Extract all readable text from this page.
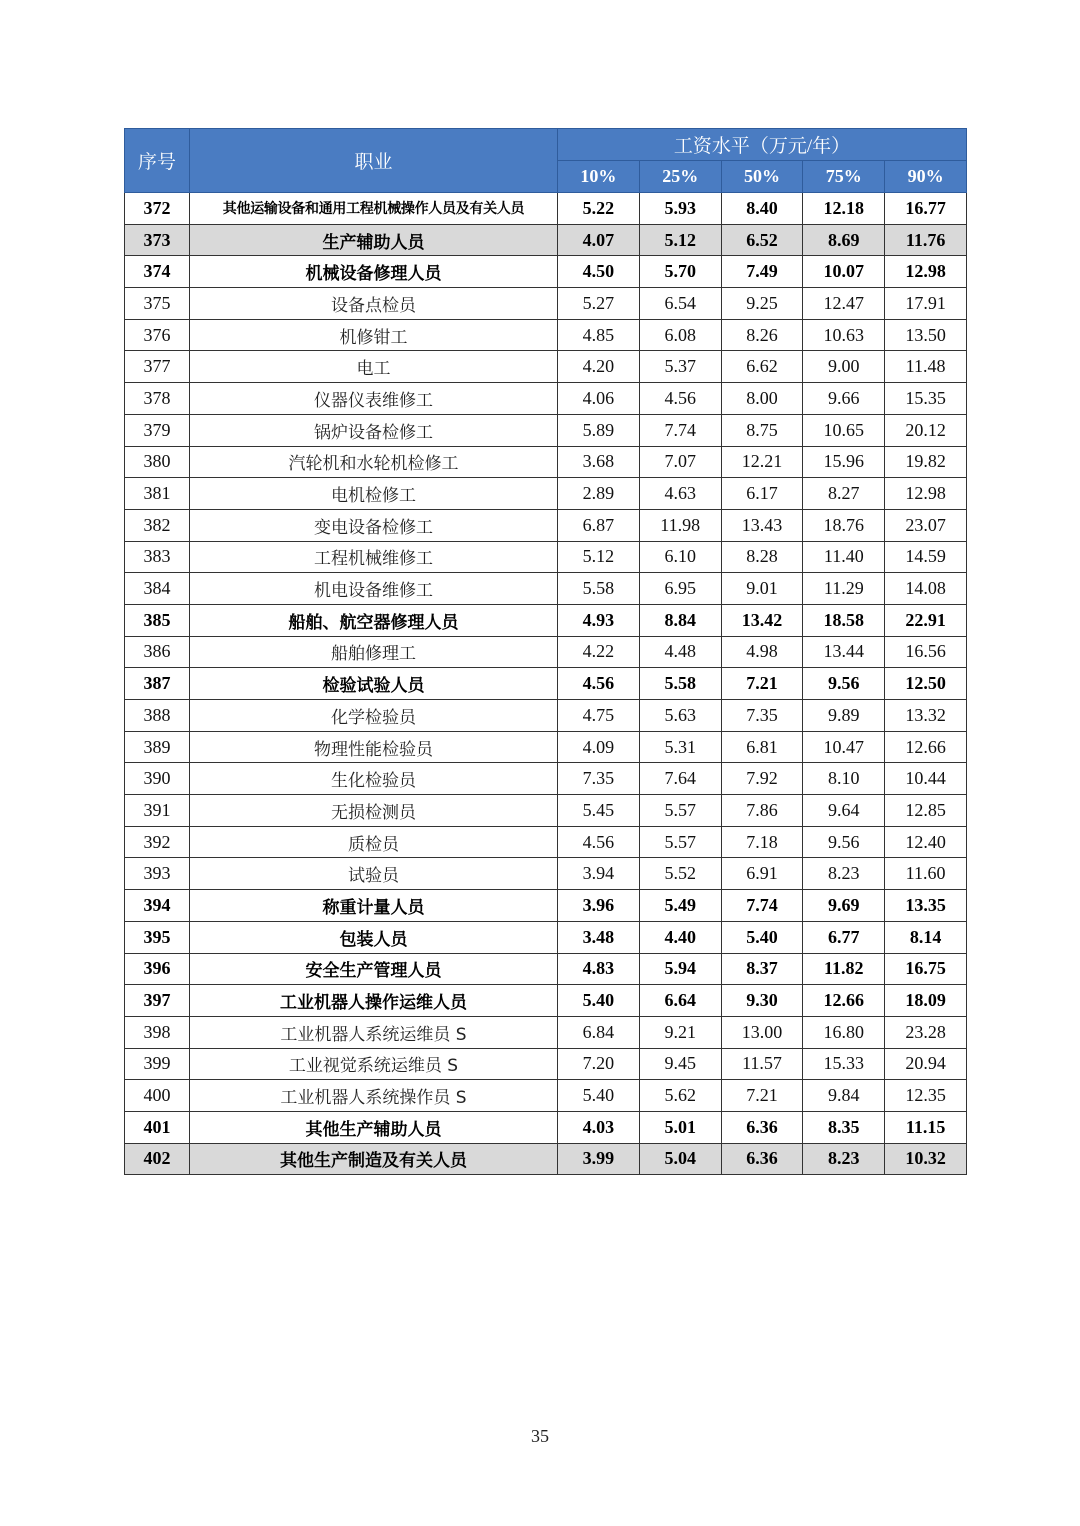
序号	职业	工资水平（万元/年）				
		10%	25%	50%	75%	90%
372	其他运输设备和通用工程机械操作人员及有关人员	5.22	5.93	8.40	12.18	16.77
373	生产辅助人员	4.07	5.12	6.52	8.69	11.76
374	机械设备修理人员	4.50	5.70	7.49	10.07	12.98
375	设备点检员	5.27	6.54	9.25	12.47	17.91
376	机修钳工	4.85	6.08	8.26	10.63	13.50
377	电工	4.20	5.37	6.62	9.00	11.48
378	仪器仪表维修工	4.06	4.56	8.00	9.66	15.35
379	锅炉设备检修工	5.89	7.74	8.75	10.65	20.12
380	汽轮机和水轮机检修工	3.68	7.07	12.21	15.96	19.82
381	电机检修工	2.89	4.63	6.17	8.27	12.98
382	变电设备检修工	6.87	11.98	13.43	18.76	23.07
383	工程机械维修工	5.12	6.10	8.28	11.40	14.59
384	机电设备维修工	5.58	6.95	9.01	11.29	14.08
385	船舶、航空器修理人员	4.93	8.84	13.42	18.58	22.91
386	船舶修理工	4.22	4.48	4.98	13.44	16.56
387	检验试验人员	4.56	5.58	7.21	9.56	12.50
388	化学检验员	4.75	5.63	7.35	9.89	13.32
389	物理性能检验员	4.09	5.31	6.81	10.47	12.66
390	生化检验员	7.35	7.64	7.92	8.10	10.44
391	无损检测员	5.45	5.57	7.86	9.64	12.85
392	质检员	4.56	5.57	7.18	9.56	12.40
393	试验员	3.94	5.52	6.91	8.23	11.60
394	称重计量人员	3.96	5.49	7.74	9.69	13.35
395	包装人员	3.48	4.40	5.40	6.77	8.14
396	安全生产管理人员	4.83	5.94	8.37	11.82	16.75
397	工业机器人操作运维人员	5.40	6.64	9.30	12.66	18.09
398	工业机器人系统运维员 S	6.84	9.21	13.00	16.80	23.28
399	工业视觉系统运维员 S	7.20	9.45	11.57	15.33	20.94
400	工业机器人系统操作员 S	5.40	5.62	7.21	9.84	12.35
401	其他生产辅助人员	4.03	5.01	6.36	8.35	11.15
402	其他生产制造及有关人员	3.99	5.04	6.36	8.23	10.32
35
